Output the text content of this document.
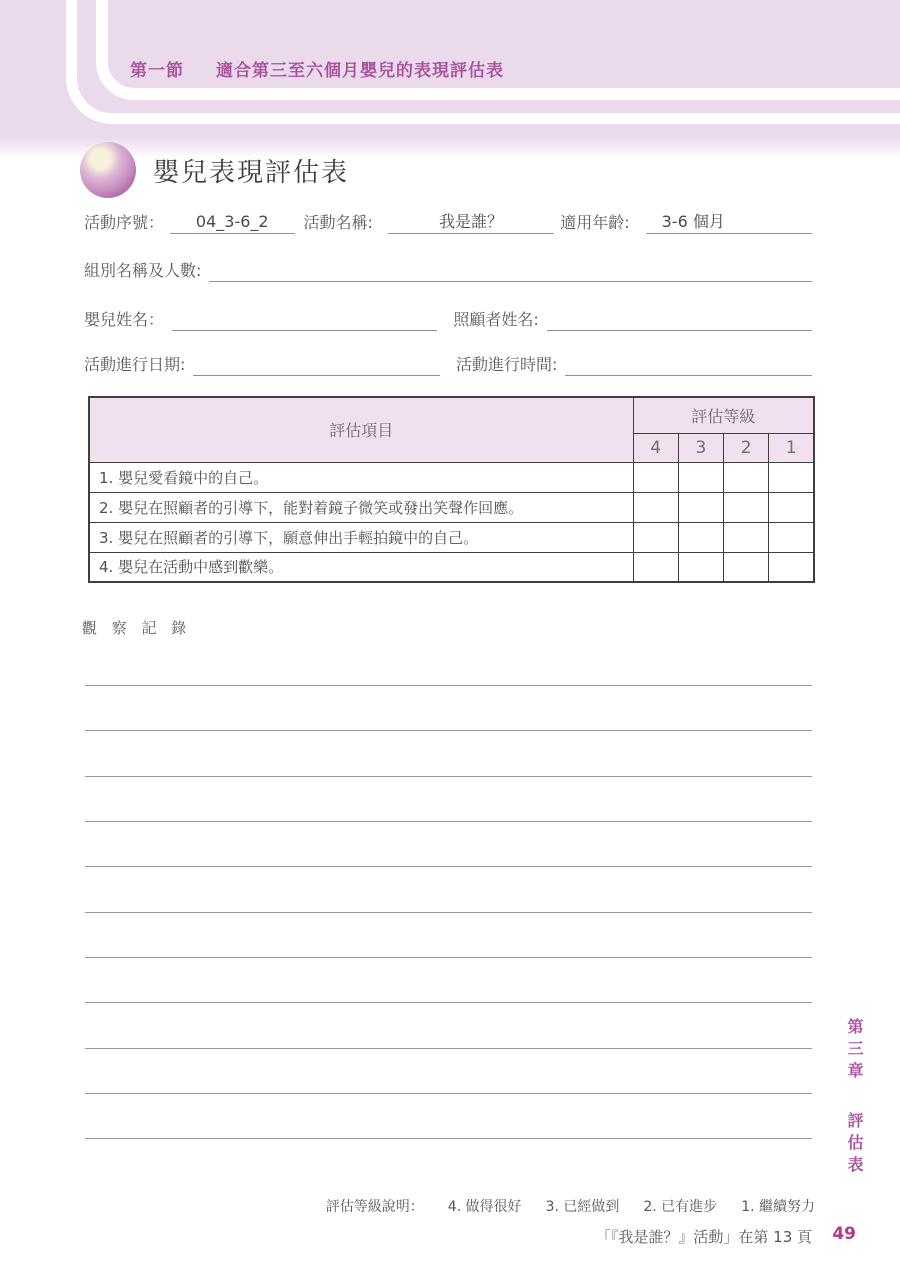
第一節 適合第三至六個月嬰兒的表現評估表
嬰兒表現評估表
活動序號：	04_3-6_2	活動名稱:	我是誰？	適用年齡:	3-6 個月
組別名稱及人數:
嬰兒姓名：	照顧者姓名:
活動進行日期:	活動進行時間:
評估項目	評估等級			
	4	3	2	1
1. 嬰兒愛看鏡中的自己。				
2. 嬰兒在照顧者的引導下，能對着鏡子微笑或發出笑聲作回應。				
3. 嬰兒在照顧者的引導下，願意伸出手輕拍鏡中的自己。				
4. 嬰兒在活動中感到歡樂。				
觀 察 記 錄
第三章 評估表
評估等級說明： 4. 做得很好 3. 已經做到 2. 已有進步 1. 繼續努力
「『我是誰？』活動」在第 13 頁 49
